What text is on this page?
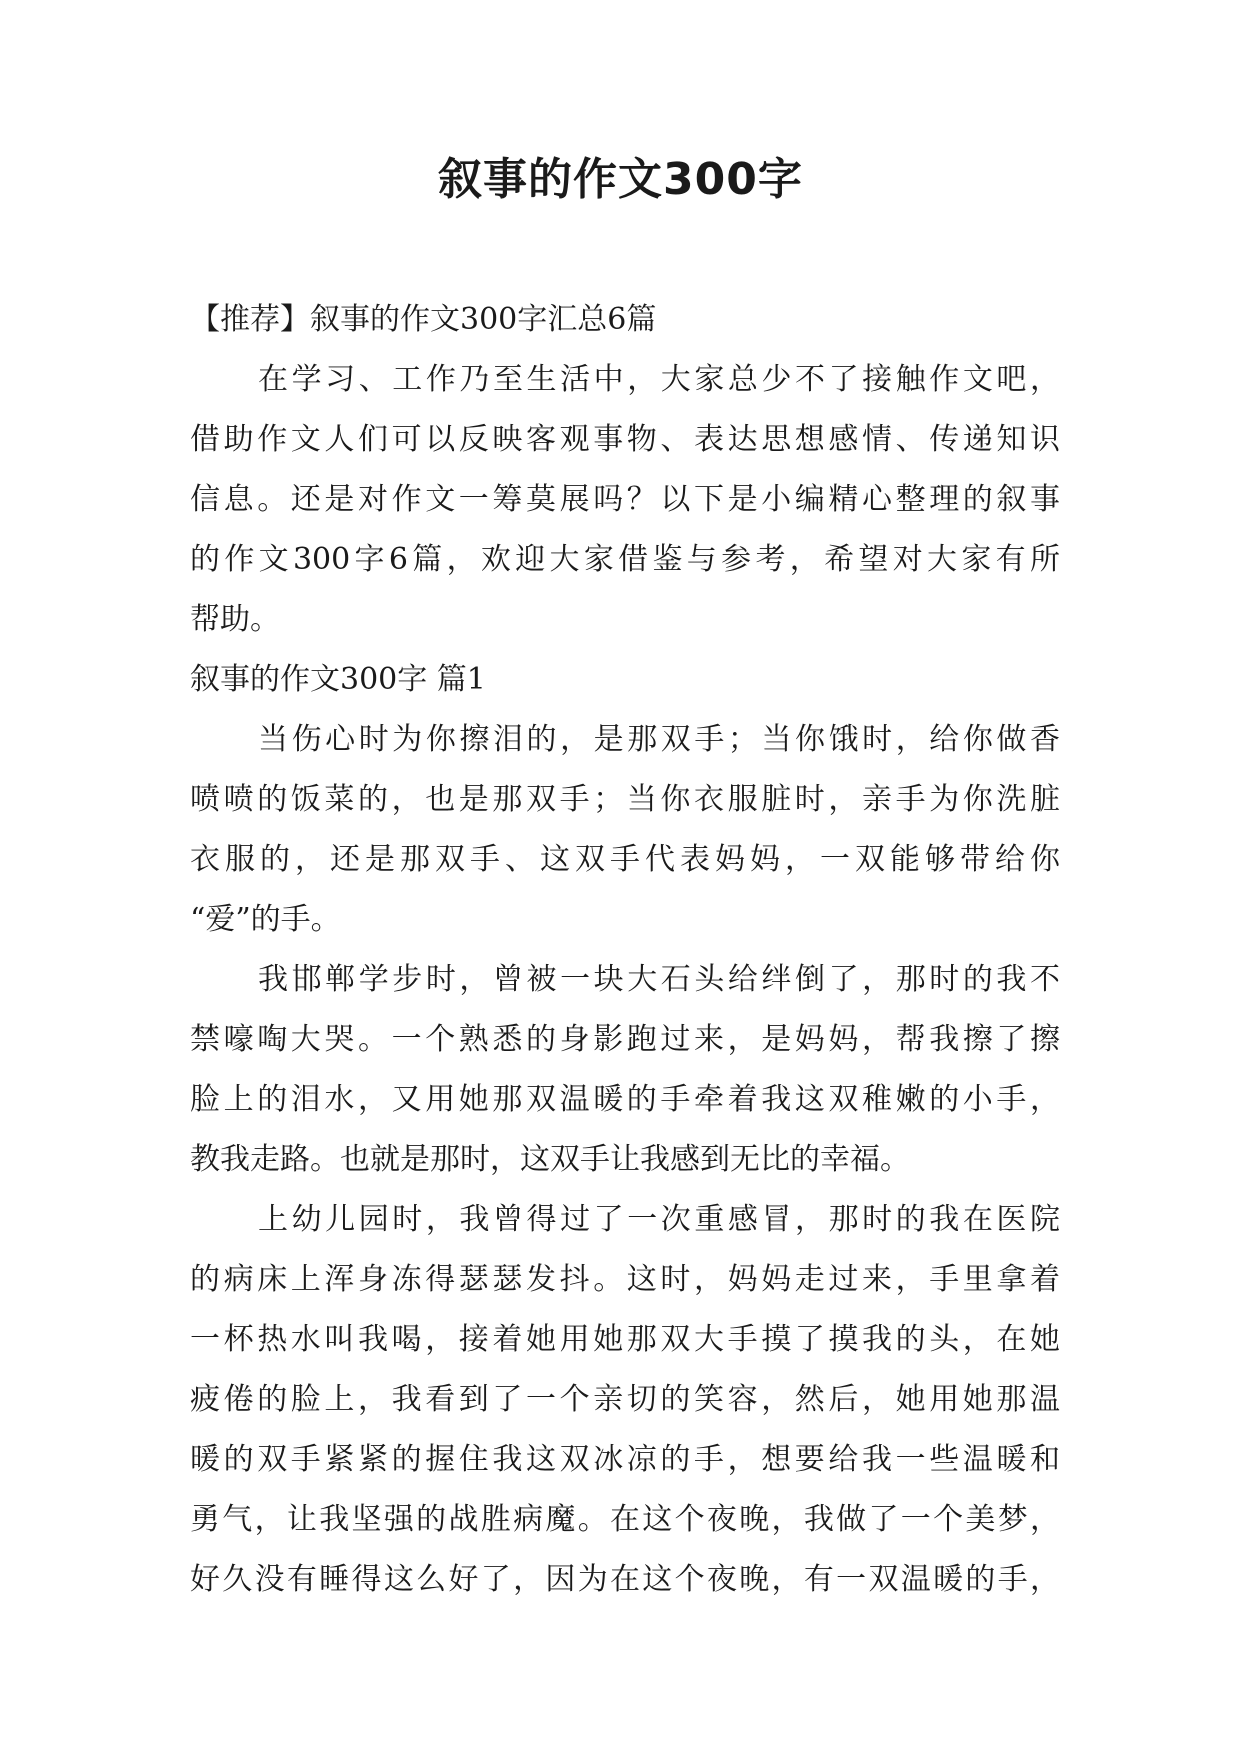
叙事的作文300字
【推荐】叙事的作文300字汇总6篇
在学习、工作乃至生活中，大家总少不了接触作文吧，
借助作文人们可以反映客观事物、表达思想感情、传递知识
信息。还是对作文一筹莫展吗？以下是小编精心整理的叙事
的作文300字6篇，欢迎大家借鉴与参考，希望对大家有所
帮助。
叙事的作文300字 篇1
当伤心时为你擦泪的，是那双手；当你饿时，给你做香
喷喷的饭菜的，也是那双手；当你衣服脏时，亲手为你洗脏
衣服的，还是那双手、这双手代表妈妈，一双能够带给你
“爱”的手。
我邯郸学步时，曾被一块大石头给绊倒了，那时的我不
禁嚎啕大哭。一个熟悉的身影跑过来，是妈妈，帮我擦了擦
脸上的泪水，又用她那双温暖的手牵着我这双稚嫩的小手，
教我走路。也就是那时，这双手让我感到无比的幸福。
上幼儿园时，我曾得过了一次重感冒，那时的我在医院
的病床上浑身冻得瑟瑟发抖。这时，妈妈走过来，手里拿着
一杯热水叫我喝，接着她用她那双大手摸了摸我的头，在她
疲倦的脸上，我看到了一个亲切的笑容，然后，她用她那温
暖的双手紧紧的握住我这双冰凉的手，想要给我一些温暖和
勇气，让我坚强的战胜病魔。在这个夜晚，我做了一个美梦，
好久没有睡得这么好了，因为在这个夜晚，有一双温暖的手，
